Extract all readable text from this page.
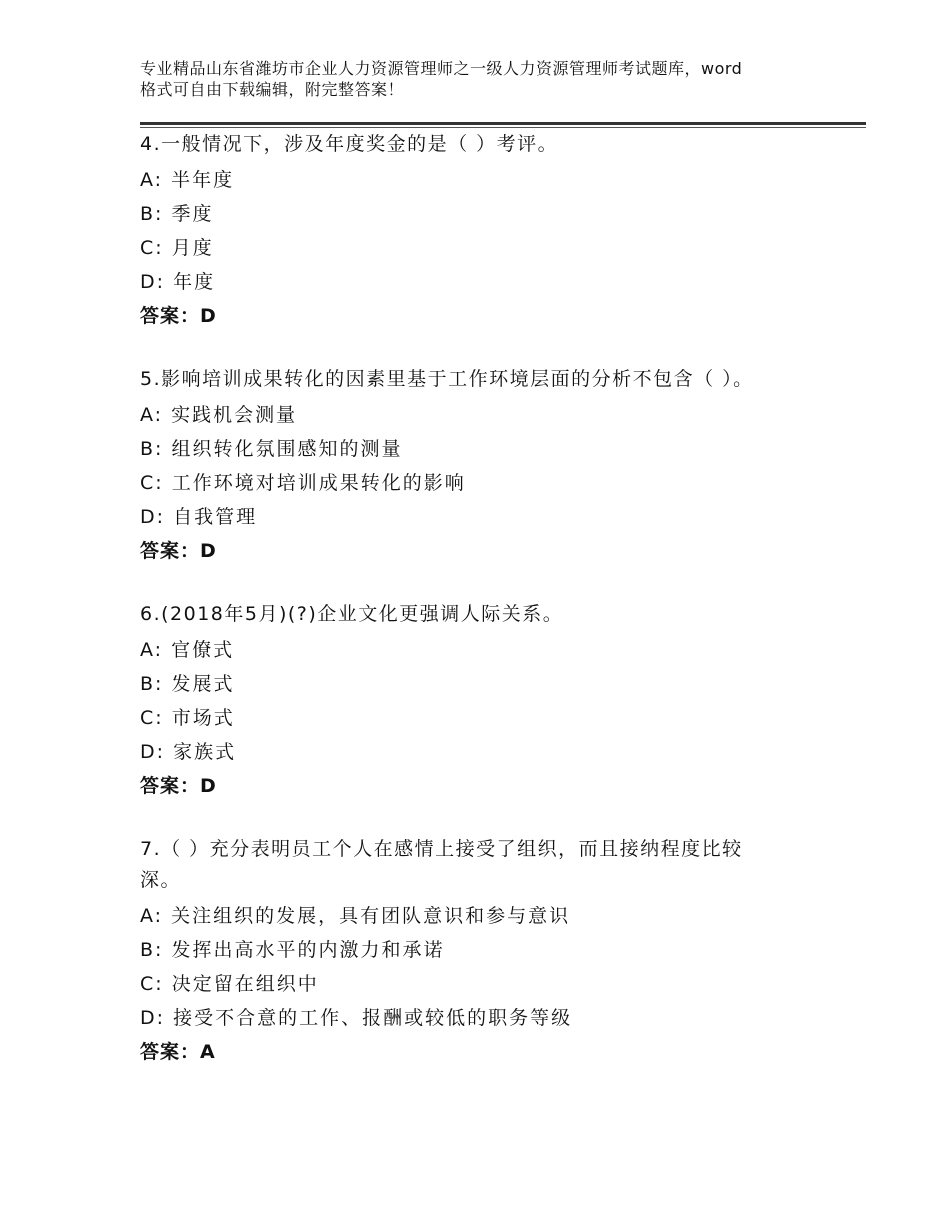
专业精品山东省潍坊市企业人力资源管理师之一级人力资源管理师考试题库，word
格式可自由下载编辑，附完整答案！
4.一般情况下，涉及年度奖金的是（ ）考评。
A: 半年度
B: 季度
C: 月度
D: 年度
答案：D
5.影响培训成果转化的因素里基于工作环境层面的分析不包含（ ）。
A: 实践机会测量
B: 组织转化氛围感知的测量
C: 工作环境对培训成果转化的影响
D: 自我管理
答案：D
6.(2018年5月)(?)企业文化更强调人际关系。
A: 官僚式
B: 发展式
C: 市场式
D: 家族式
答案：D
7.（ ）充分表明员工个人在感情上接受了组织，而且接纳程度比较
深。
A: 关注组织的发展，具有团队意识和参与意识
B: 发挥出高水平的内激力和承诺
C: 决定留在组织中
D: 接受不合意的工作、报酬或较低的职务等级
答案：A
